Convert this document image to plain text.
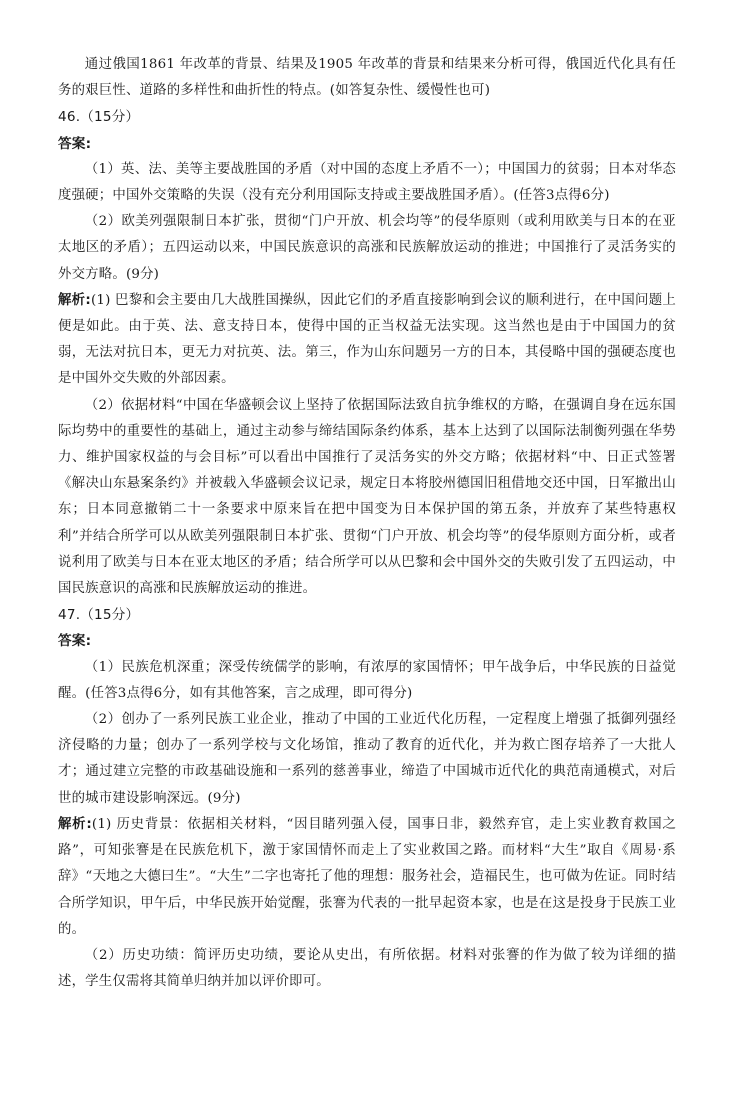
通过俄国1861 年改革的背景、结果及1905 年改革的背景和结果来分析可得，俄国近代化具有任务的艰巨性、道路的多样性和曲折性的特点。(如答复杂性、缓慢性也可)

46.（15分）

答案:

（1）英、法、美等主要战胜国的矛盾（对中国的态度上矛盾不一）；中国国力的贫弱；日本对华态度强硬；中国外交策略的失误（没有充分利用国际支持或主要战胜国矛盾）。(任答3点得6分)

（2）欧美列强限制日本扩张，贯彻“门户开放、机会均等”的侵华原则（或利用欧美与日本的在亚太地区的矛盾）；五四运动以来，中国民族意识的高涨和民族解放运动的推进；中国推行了灵活务实的外交方略。(9分)

解析:(1) 巴黎和会主要由几大战胜国操纵，因此它们的矛盾直接影响到会议的顺利进行，在中国问题上便是如此。由于英、法、意支持日本，使得中国的正当权益无法实现。这当然也是由于中国国力的贫弱，无法对抗日本，更无力对抗英、法。第三，作为山东问题另一方的日本，其侵略中国的强硬态度也是中国外交失败的外部因素。

（2）依据材料“中国在华盛顿会议上坚持了依据国际法致自抗争维权的方略，在强调自身在远东国际均势中的重要性的基础上，通过主动参与缔结国际条约体系，基本上达到了以国际法制衡列强在华势力、维护国家权益的与会目标”可以看出中国推行了灵活务实的外交方略；依据材料“中、日正式签署《解决山东悬案条约》并被载入华盛顿会议记录，规定日本将胶州德国旧租借地交还中国，日军撤出山东；日本同意撤销二十一条要求中原来旨在把中国变为日本保护国的第五条，并放弃了某些特惠权利”并结合所学可以从欧美列强限制日本扩张、贯彻“门户开放、机会均等”的侵华原则方面分析，或者说利用了欧美与日本在亚太地区的矛盾；结合所学可以从巴黎和会中国外交的失败引发了五四运动，中国民族意识的高涨和民族解放运动的推进。

47.（15分）

答案:

（1）民族危机深重；深受传统儒学的影响，有浓厚的家国情怀；甲午战争后，中华民族的日益觉醒。(任答3点得6分，如有其他答案，言之成理，即可得分)

（2）创办了一系列民族工业企业，推动了中国的工业近代化历程，一定程度上增强了抵御列强经济侵略的力量；创办了一系列学校与文化场馆，推动了教育的近代化，并为救亡图存培养了一大批人才；通过建立完整的市政基础设施和一系列的慈善事业，缔造了中国城市近代化的典范南通模式，对后世的城市建设影响深远。(9分)

解析:(1) 历史背景：依据相关材料，“因目睹列强入侵，国事日非，毅然弃官，走上实业教育救国之路”，可知张謇是在民族危机下，激于家国情怀而走上了实业救国之路。而材料“大生”取自《周易·系辞》“天地之大德曰生”。“大生”二字也寄托了他的理想：服务社会，造福民生，也可做为佐证。同时结合所学知识，甲午后，中华民族开始觉醒，张謇为代表的一批早起资本家，也是在这是投身于民族工业的。

（2）历史功绩：简评历史功绩，要论从史出，有所依据。材料对张謇的作为做了较为详细的描述，学生仅需将其简单归纳并加以评价即可。
